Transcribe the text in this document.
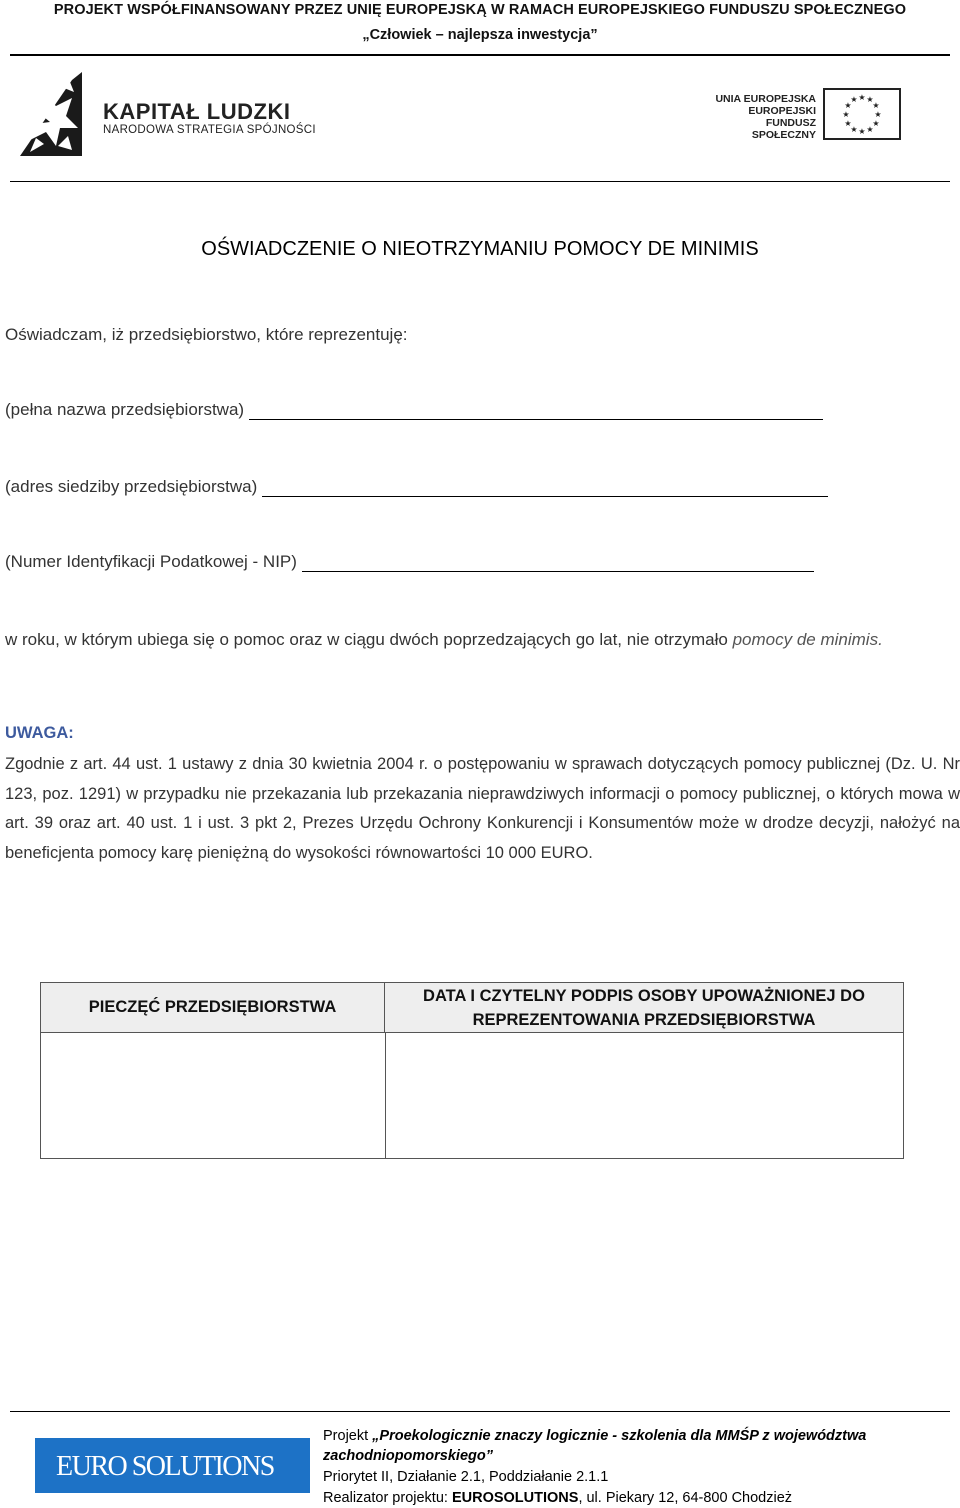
PROJEKT WSPÓŁFINANSOWANY PRZEZ UNIĘ EUROPEJSKĄ W RAMACH EUROPEJSKIEGO FUNDUSZU SPOŁECZNEGO
„Człowiek – najlepsza inwestycja”
KAPITAŁ LUDZKI
NARODOWA STRATEGIA SPÓJNOŚCI
UNIA EUROPEJSKA
EUROPEJSKI
FUNDUSZ SPOŁECZNY
★ ★
★
★
★
★
★
★
★
★
★
★
OŚWIADCZENIE O NIEOTRZYMANIU POMOCY DE MINIMIS
Oświadczam, iż przedsiębiorstwo, które reprezentuję:
(pełna nazwa przedsiębiorstwa)
(adres siedziby przedsiębiorstwa)
(Numer Identyfikacji Podatkowej - NIP)
w roku, w którym ubiega się o pomoc oraz w ciągu dwóch poprzedzających go lat, nie otrzymało pomocy de minimis.
UWAGA:
Zgodnie z art. 44 ust. 1 ustawy z dnia 30 kwietnia 2004 r. o postępowaniu w sprawach dotyczących pomocy publicznej (Dz. U. Nr 123, poz. 1291) w przypadku nie przekazania lub przekazania nieprawdziwych informacji o pomocy publicznej, o których mowa w art. 39 oraz art. 40 ust. 1 i ust. 3 pkt 2, Prezes Urzędu Ochrony Konkurencji i Konsumentów może w drodze decyzji, nałożyć na beneficjenta pomocy karę pieniężną do wysokości równowartości 10 000 EURO.
PIECZĘĆ PRZEDSIĘBIORSTWA
DATA I CZYTELNY PODPIS OSOBY UPOWAŻNIONEJ DO REPREZENTOWANIA PRZEDSIĘBIORSTWA
EURO SOLUTIONS
Projekt „Proekologicznie znaczy logicznie - szkolenia dla MMŚP z województwa zachodniopomorskiego”
Priorytet II, Działanie 2.1, Poddziałanie 2.1.1
Realizator projektu: EUROSOLUTIONS, ul. Piekary 12, 64-800 Chodzież
